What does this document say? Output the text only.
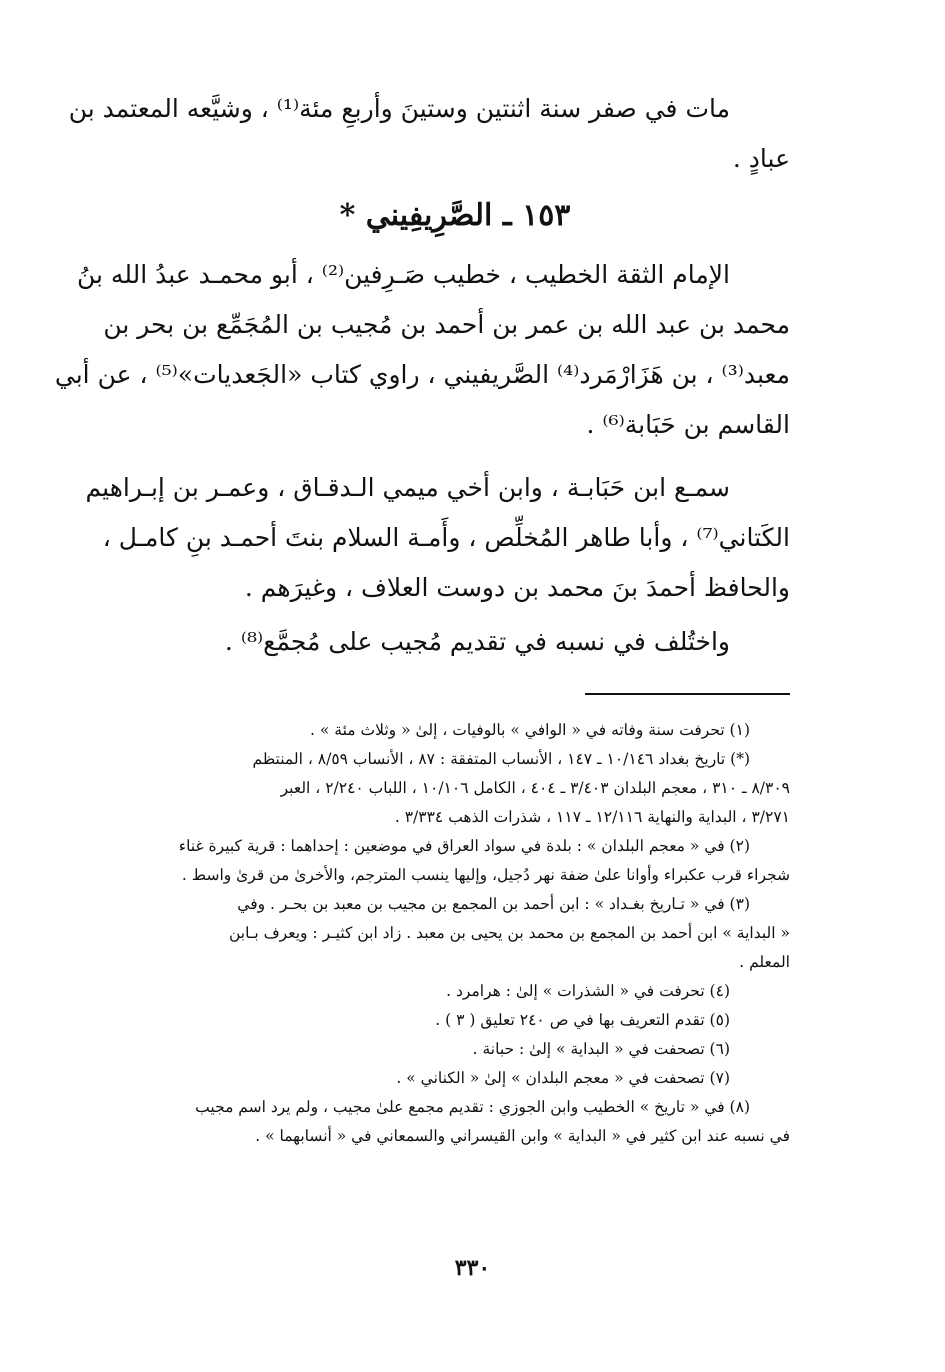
مات في صفر سنة اثنتين وستينَ وأربعِ مئة⁽¹⁾ ، وشيَّعه المعتمد بن
عبادٍ .
١٥٣ ـ الصَّرِيفِيني *
الإمام الثقة الخطيب ، خطيب صَـرِفين⁽²⁾ ، أبو محمـد عبدُ الله بنُ
محمد بن عبد الله بن عمر بن أحمد بن مُجيب بن المُجَمِّع بن بحر بن
معبد⁽³⁾ ، بن هَزَارْمَرد⁽⁴⁾ الصَّريفيني ، راوي كتاب «الجَعديات»⁽⁵⁾ ، عن أبي
القاسم بن حَبَابة⁽⁶⁾ .
سمـع ابن حَبَابـة ، وابن أخي ميمي الـدقـاق ، وعمـر بن إبـراهيم
الكَتاني⁽⁷⁾ ، وأبا طاهر المُخلِّص ، وأَمـة السلام بنتَ أحمـد بنِ كامـل ،
والحافظ أحمدَ بنَ محمد بن دوست العلاف ، وغيرَهم .
واختُلف في نسبه في تقديم مُجيب على مُجمَّع⁽⁸⁾ .
(١) تحرفت سنة وفاته في « الوافي » بالوفيات ، إلىٰ « وثلاث مئة » .
(*) تاريخ بغداد ١٠/١٤٦ ـ ١٤٧ ، الأنساب المتفقة : ٨٧ ، الأنساب ٨/٥٩ ، المنتظم
٨/٣٠٩ ـ ٣١٠ ، معجم البلدان ٣/٤٠٣ ـ ٤٠٤ ، الكامل ١٠/١٠٦ ، اللباب ٢/٢٤٠ ، العبر
٣/٢٧١ ، البداية والنهاية ١٢/١١٦ ـ ١١٧ ، شذرات الذهب ٣/٣٣٤ .
(٢) في « معجم البلدان » : بلدة في سواد العراق في موضعين : إحداهما : قرية كبيرة غناء
شجراء قرب عكبراء وأوانا علىٰ ضفة نهر دُجيل، وإليها ينسب المترجم، والأخرىٰ من قرىٰ واسط .
(٣) في « تـاريخ بغـداد » : ابن أحمد بن المجمع بن مجيب بن معبد بن بحـر . وفي
« البداية » ابن أحمد بن المجمع بن محمد بن يحيى بن معبد . زاد ابن كثيـر : ويعرف بـابن
المعلم .
(٤) تحرفت في « الشذرات » إلىٰ : هرامرد .
(٥) تقدم التعريف بها في ص ٢٤٠ تعليق ( ٣ ) .
(٦) تصحفت في « البداية » إلىٰ : حبانة .
(٧) تصحفت في « معجم البلدان » إلىٰ « الكناني » .
(٨) في « تاريخ » الخطيب وابن الجوزي : تقديم مجمع علىٰ مجيب ، ولم يرد اسم مجيب
في نسبه عند ابن كثير في « البداية » وابن القيسراني والسمعاني في « أنسابهما » .
٣٣٠
